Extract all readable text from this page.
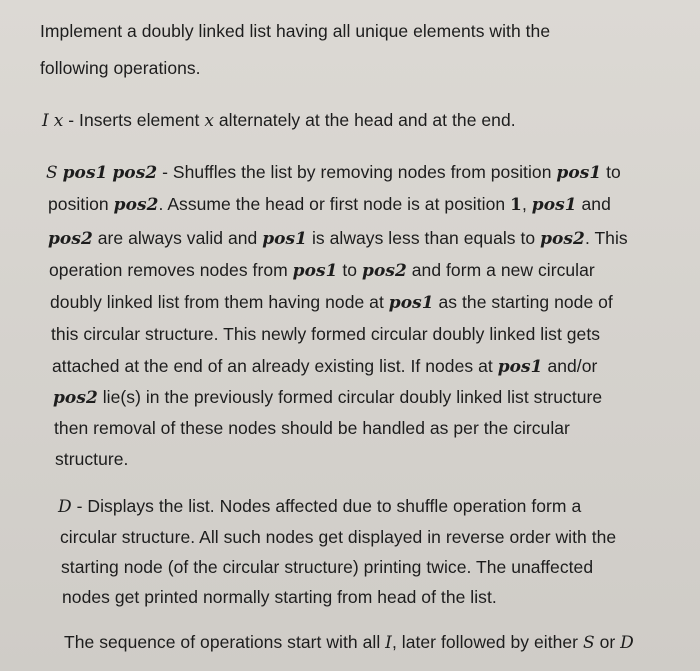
Implement a doubly linked list having all unique elements with the
following operations.
I x - Inserts element x alternately at the head and at the end.
S pos1 pos2 - Shuffles the list by removing nodes from position pos1 to
position pos2. Assume the head or first node is at position 1, pos1 and
pos2 are always valid and pos1 is always less than equals to pos2. This
operation removes nodes from pos1 to pos2 and form a new circular
doubly linked list from them having node at pos1 as the starting node of
this circular structure. This newly formed circular doubly linked list gets
attached at the end of an already existing list. If nodes at pos1 and/or
pos2 lie(s) in the previously formed circular doubly linked list structure
then removal of these nodes should be handled as per the circular
structure.
D - Displays the list. Nodes affected due to shuffle operation form a
circular structure. All such nodes get displayed in reverse order with the
starting node (of the circular structure) printing twice. The unaffected
nodes get printed normally starting from head of the list.
The sequence of operations start with all I, later followed by either S or D
